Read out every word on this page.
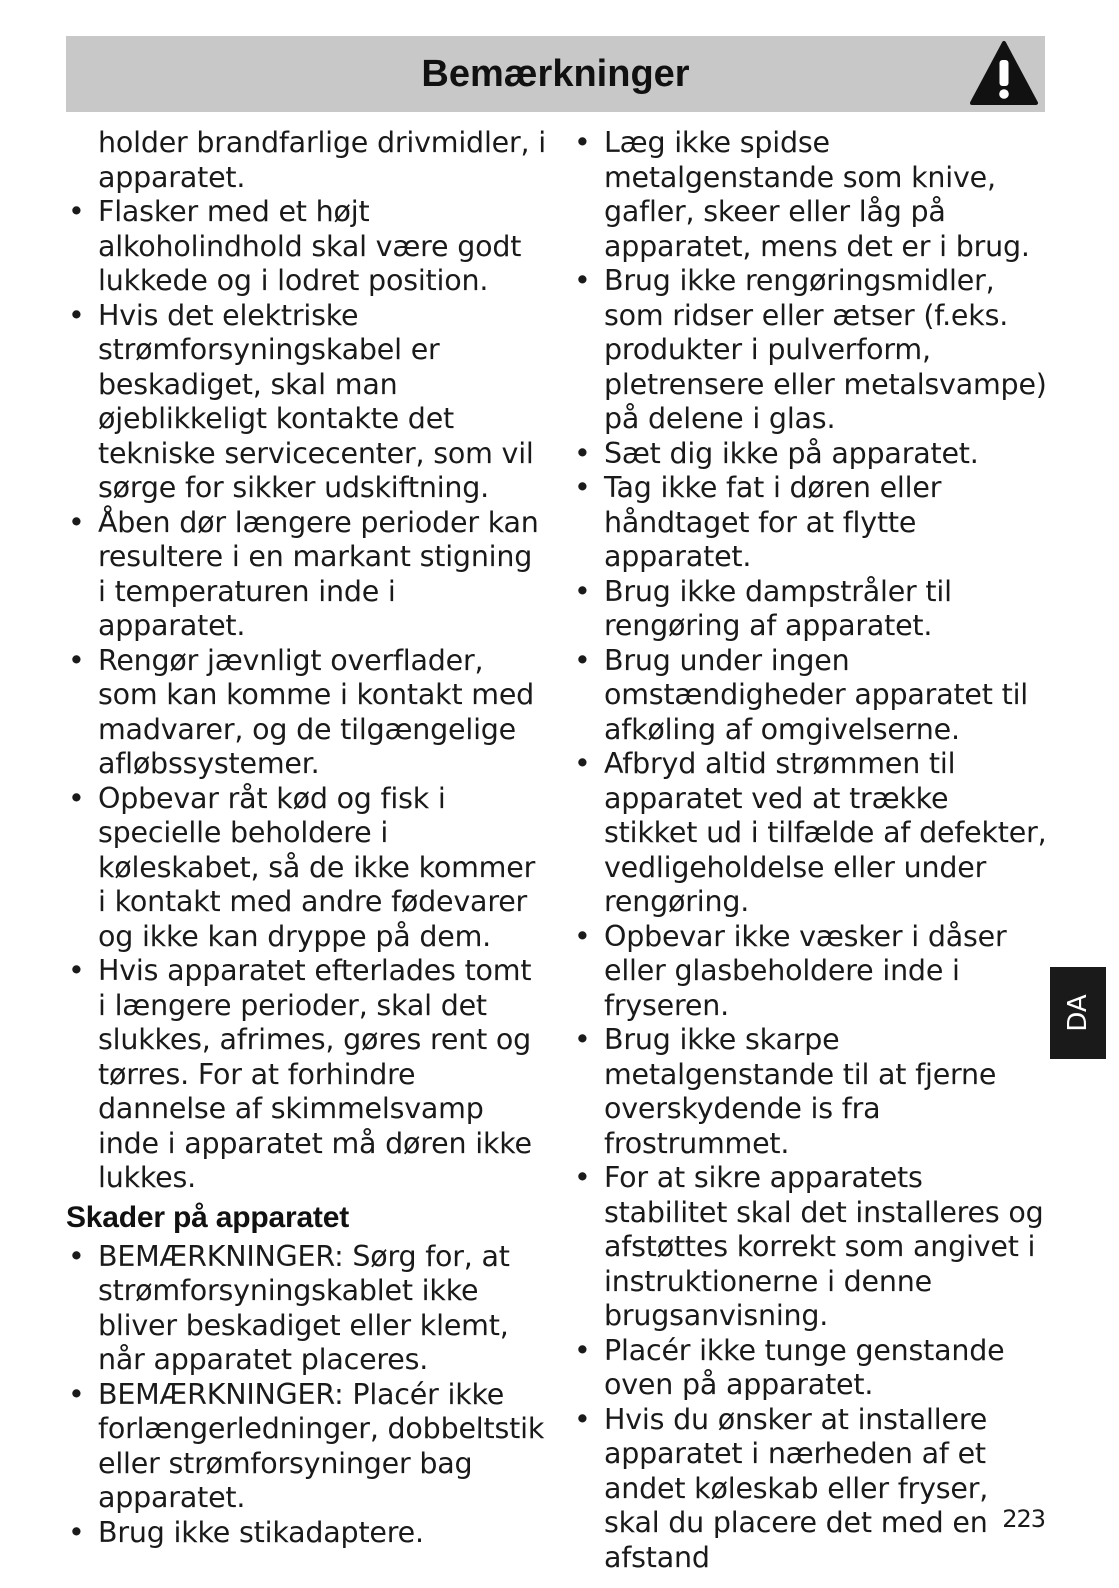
Bemærkninger

holder brandfarlige drivmidler, i apparatet.

• Flasker med et højt alkoholindhold skal være godt lukkede og i lodret position.
• Hvis det elektriske strømforsyningskabel er beskadiget, skal man øjeblikkeligt kontakte det tekniske servicecenter, som vil sørge for sikker udskiftning.
• Åben dør længere perioder kan resultere i en markant stigning i temperaturen inde i apparatet.
• Rengør jævnligt overflader, som kan komme i kontakt med madvarer, og de tilgængelige afløbssystemer.
• Opbevar råt kød og fisk i specielle beholdere i køleskabet, så de ikke kommer i kontakt med andre fødevarer og ikke kan dryppe på dem.
• Hvis apparatet efterlades tomt i længere perioder, skal det slukkes, afrimes, gøres rent og tørres. For at forhindre dannelse af skimmelsvamp inde i apparatet må døren ikke lukkes.
Skader på apparatet
• BEMÆRKNINGER: Sørg for, at strømforsyningskablet ikke bliver beskadiget eller klemt, når apparatet placeres.
• BEMÆRKNINGER: Placér ikke forlængerledninger, dobbeltstik eller strømforsyninger bag apparatet.
• Brug ikke stikadaptere.
• Læg ikke spidse metalgenstande som knive, gafler, skeer eller låg på apparatet, mens det er i brug.
• Brug ikke rengøringsmidler, som ridser eller ætser (f.eks. produkter i pulverform, pletrensere eller metalsvampe) på delene i glas.
• Sæt dig ikke på apparatet.
• Tag ikke fat i døren eller håndtaget for at flytte apparatet.
• Brug ikke dampstråler til rengøring af apparatet.
• Brug under ingen omstændigheder apparatet til afkøling af omgivelserne.
• Afbryd altid strømmen til apparatet ved at trække stikket ud i tilfælde af defekter, vedligeholdelse eller under rengøring.
• Opbevar ikke væsker i dåser eller glasbeholdere inde i fryseren.
• Brug ikke skarpe metalgenstande til at fjerne overskydende is fra frostrummet.
• For at sikre apparatets stabilitet skal det installeres og afstøttes korrekt som angivet i instruktionerne i denne brugsanvisning.
• Placér ikke tunge genstande oven på apparatet.
• Hvis du ønsker at installere apparatet i nærheden af et andet køleskab eller fryser, skal du placere det med en afstand
DA
223
